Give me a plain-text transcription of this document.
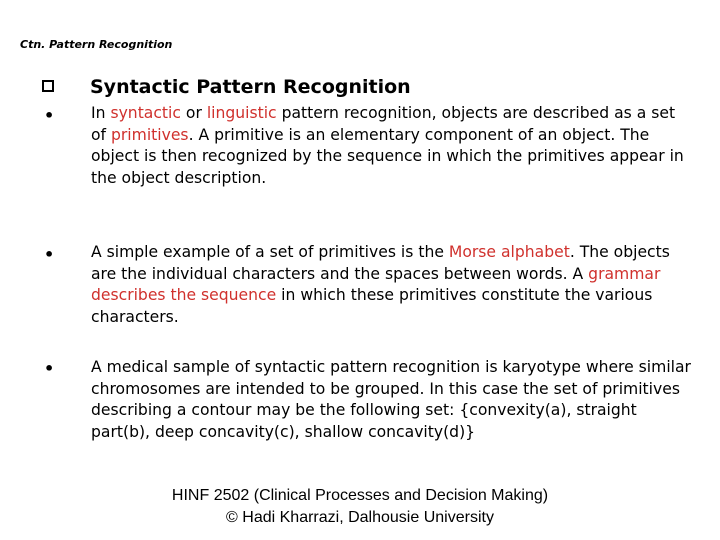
Ctn. Pattern Recognition
Syntactic Pattern Recognition
• In syntactic or linguistic pattern recognition, objects are described as a set of primitives. A primitive is an elementary component of an object. The object is then recognized by the sequence in which the primitives appear in the object description.
• A simple example of a set of primitives is the Morse alphabet. The objects are the individual characters and the spaces between words. A grammar describes the sequence in which these primitives constitute the various characters.
• A medical sample of syntactic pattern recognition is karyotype where similar chromosomes are intended to be grouped. In this case the set of primitives describing a contour may be the following set: {convexity(a), straight part(b), deep concavity(c), shallow concavity(d)}
HINF 2502 (Clinical Processes and Decision Making)
© Hadi Kharrazi, Dalhousie University
